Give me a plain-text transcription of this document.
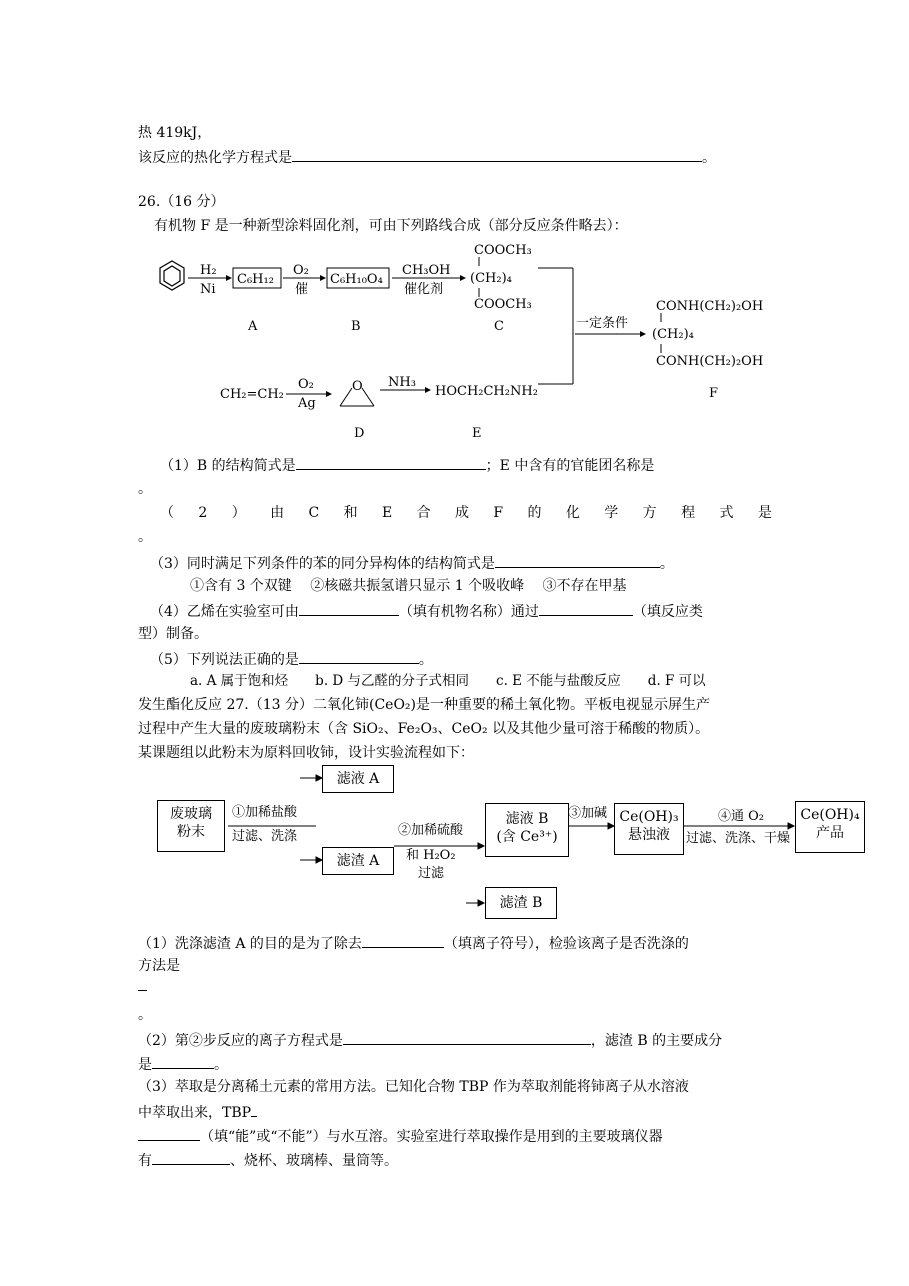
热 419kJ，
该反应的热化学方程式是	。
26.（16 分）
有机物 F 是一种新型涂料固化剂，可由下列路线合成（部分反应条件略去）：
H₂
Ni
C₆H₁₂
O₂
催
C₆H₁₀O₄
CH₃OH
催化剂
COOCH₃
(CH₂)₄
COOCH₃
一定条件
CONH(CH₂)₂OH
(CH₂)₄
CONH(CH₂)₂OH
CH₂=CH₂
O₂
Ag
O NH₃
HOCH₂CH₂NH₂
A	B	C
F
D	E
（1）B 的结构简式是	；E 中含有的官能团名称是
。
（ 2 ） 由 C 和 E 合 成 F 的 化 学 方 程 式 是
。
（3）同时满足下列条件的苯的同分异构体的结构简式是	。
①含有 3 个双键　 ②核磁共振氢谱只显示 1 个吸收峰　 ③不存在甲基
（4）乙烯在实验室可由	（填有机物名称）通过	（填反应类
型）制备。
（5）下列说法正确的是	。
a. A 属于饱和烃　　b. D 与乙醛的分子式相同　　c. E 不能与盐酸反应　　d. F 可以
发生酯化反应 27.（13 分）二氧化铈(CeO₂)是一种重要的稀土氧化物。平板电视显示屏生产
过程中产生大量的废玻璃粉末（含 SiO₂、Fe₂O₃、CeO₂ 以及其他少量可溶于稀酸的物质）。
某课题组以此粉末为原料回收铈，设计实验流程如下：
废玻璃
粉末
①加稀盐酸
过滤、洗涤
滤液 A
滤渣 A
②加稀硫酸
和 H₂O₂
过滤
滤液 B
(含 Ce³⁺)
③加碱 Ce(OH)₃
悬浊液
④通 O₂
过滤、洗涤、干燥
Ce(OH)₄
产品
滤渣 B
（1）洗涤滤渣 A 的目的是为了除去	（填离子符号），检验该离子是否洗涤的
方法是
。
（2）第②步反应的离子方程式是	，滤渣 B 的主要成分
是	。
（3）萃取是分离稀土元素的常用方法。已知化合物 TBP 作为萃取剂能将铈离子从水溶液
中萃取出来，TBP
（填“能”或“不能”）与水互溶。实验室进行萃取操作是用到的主要玻璃仪器
有	、烧杯、玻璃棒、量筒等。
